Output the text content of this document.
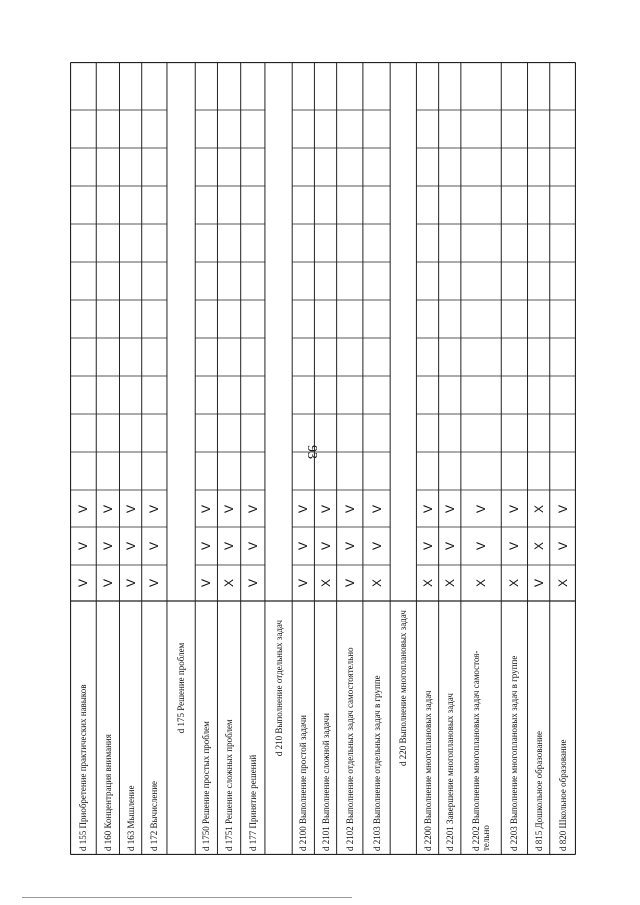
93
d 155 Приобретение практических навыков
V
V
V
d 160 Концентрация внимания
V
V
V
d 163 Мышление
V
V
V
d 172 Вычисление
V
V
V
d 175 Решение проблем
d 1750 Решение простых проблем
V
V
V
d 1751 Решение сложных проблем
X
V
V
d 177 Принятие решений
V
V
V
d 210 Выполнение отдельных задач
d 2100 Выполнение простой задачи
V
V
V
d 2101 Выполнение сложной задачи
X
V
V
d 2102 Выполнение отдельных задач самостоятельно
V
V
V
d 2103 Выполнение отдельных задач в группе
X
V
V
d 220 Выполнение многоплановых задач
d 2200 Выполнение многоплановых задач
X
V
V
d 2201 Завершение многоплановых задач
X
V
V
d 2202 Выполнение многоплановых задач самостоя-
тельно
X
V
V
d 2203 Выполнение многоплановых задач в группе
X
V
V
d 815 Дошкольное образование
V
X
X
d 820 Школьное образование
X
V
V
